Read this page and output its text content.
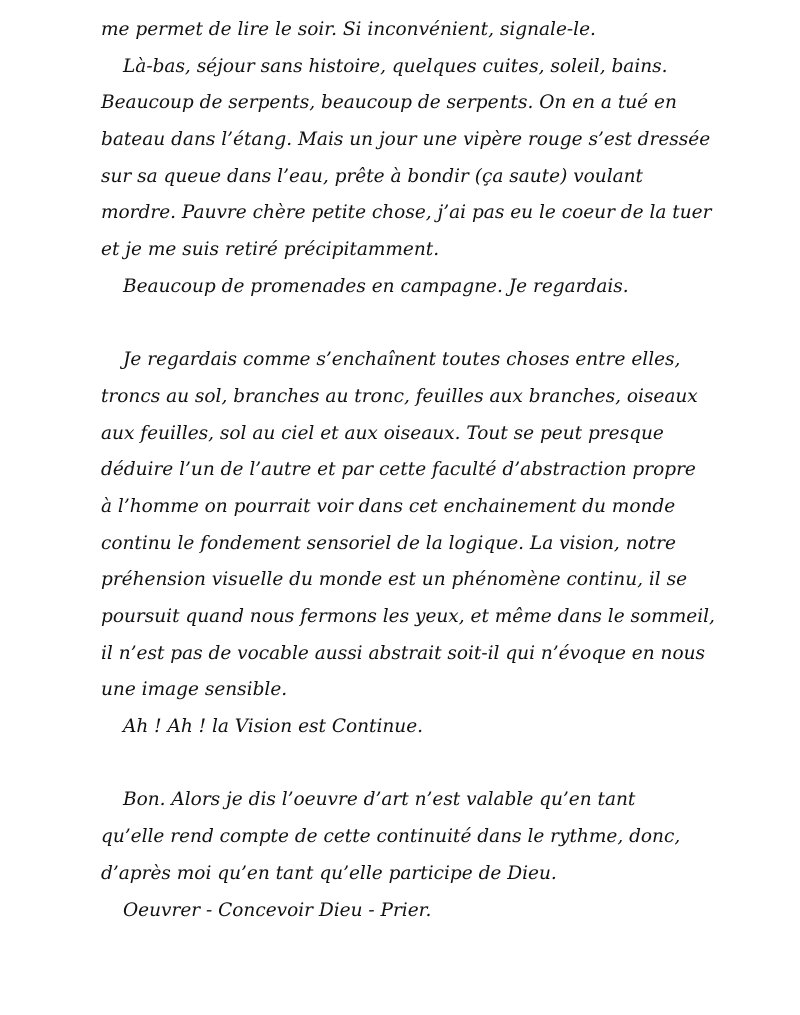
me permet de lire le soir. Si inconvénient, signale-le.
Là-bas, séjour sans histoire, quelques cuites, soleil, bains.
Beaucoup de serpents, beaucoup de serpents. On en a tué en
bateau dans l’étang. Mais un jour une vipère rouge s’est dressée
sur sa queue dans l’eau, prête à bondir (ça saute) voulant
mordre. Pauvre chère petite chose, j’ai pas eu le coeur de la tuer
et je me suis retiré précipitamment.
Beaucoup de promenades en campagne. Je regardais.
Je regardais comme s’enchaînent toutes choses entre elles,
troncs au sol, branches au tronc, feuilles aux branches, oiseaux
aux feuilles, sol au ciel et aux oiseaux. Tout se peut presque
déduire l’un de l’autre et par cette faculté d’abstraction propre
à l’homme on pourrait voir dans cet enchainement du monde
continu le fondement sensoriel de la logique. La vision, notre
préhension visuelle du monde est un phénomène continu, il se
poursuit quand nous fermons les yeux, et même dans le sommeil,
il n’est pas de vocable aussi abstrait soit-il qui n’évoque en nous
une image sensible.
Ah ! Ah ! la Vision est Continue.
Bon. Alors je dis l’oeuvre d’art n’est valable qu’en tant
qu’elle rend compte de cette continuité dans le rythme, donc,
d’après moi qu’en tant qu’elle participe de Dieu.
Oeuvrer - Concevoir Dieu - Prier.
